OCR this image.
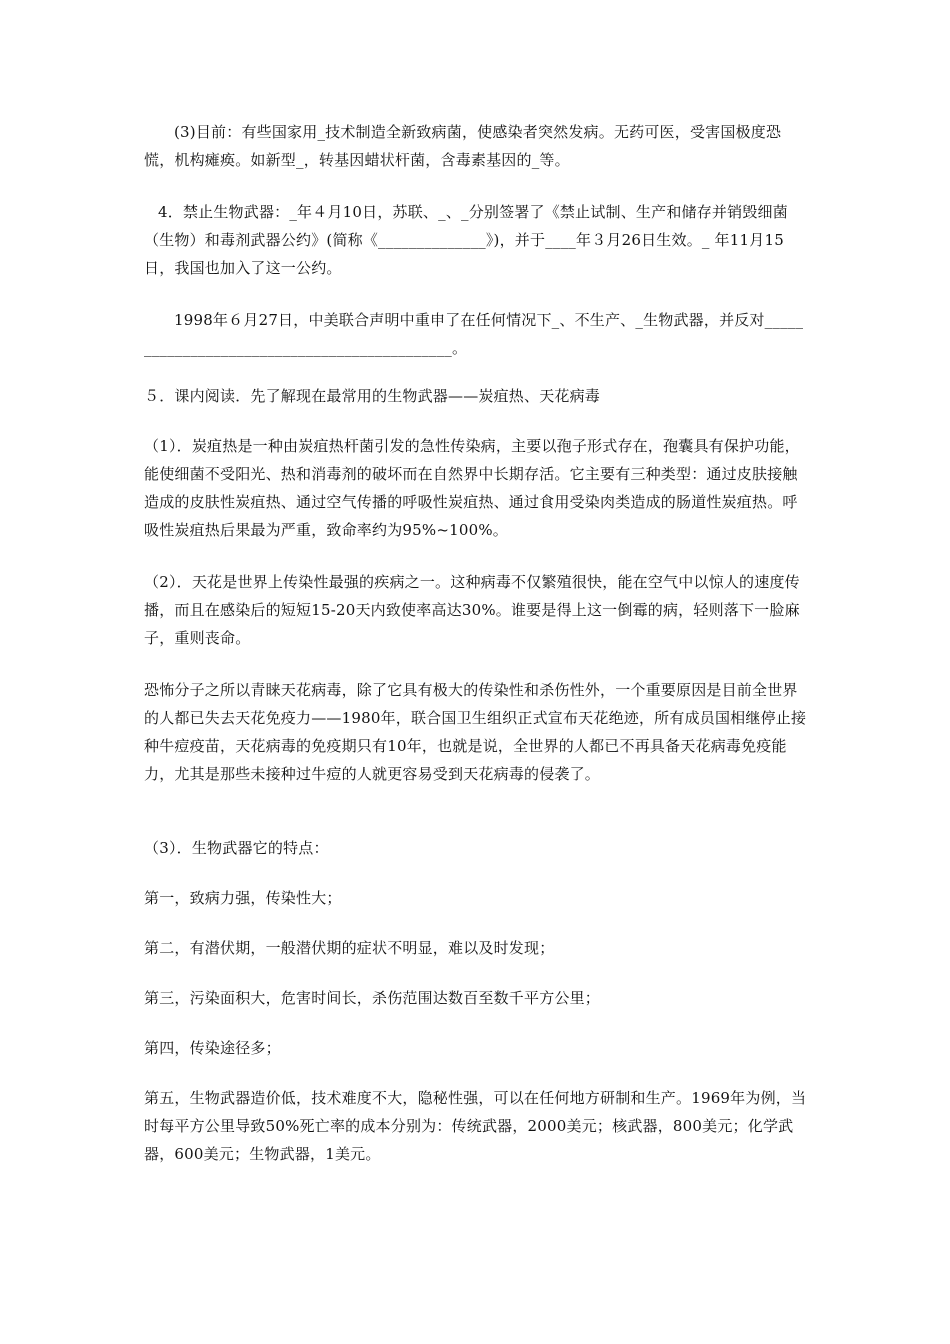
(3)目前：有些国家用_技术制造全新致病菌，使感染者突然发病。无药可医，受害国极度恐慌，机构瘫痪。如新型_，转基因蜡状杆菌，含毒素基因的_等。

4．禁止生物武器：_年４月10日，苏联、_、_分别签署了《禁止试制、生产和储存并销毁细菌（生物）和毒剂武器公约》(简称《______________》)，并于____年３月26日生效。_ 年11月15日，我国也加入了这一公约。

1998年６月27日，中美联合声明中重申了在任何情况下_、不生产、_生物武器，并反对_____________________________________________。

５．课内阅读．先了解现在最常用的生物武器——炭疽热、天花病毒

（1）．炭疽热是一种由炭疽热杆菌引发的急性传染病，主要以孢子形式存在，孢囊具有保护功能，能使细菌不受阳光、热和消毒剂的破坏而在自然界中长期存活。它主要有三种类型：通过皮肤接触造成的皮肤性炭疽热、通过空气传播的呼吸性炭疽热、通过食用受染肉类造成的肠道性炭疽热。呼吸性炭疽热后果最为严重，致命率约为95%~100%。

（2）．天花是世界上传染性最强的疾病之一。这种病毒不仅繁殖很快，能在空气中以惊人的速度传播，而且在感染后的短短15-20天内致使率高达30%。谁要是得上这一倒霉的病，轻则落下一脸麻子，重则丧命。

恐怖分子之所以青睐天花病毒，除了它具有极大的传染性和杀伤性外，一个重要原因是目前全世界的人都已失去天花免疫力——1980年，联合国卫生组织正式宣布天花绝迹，所有成员国相继停止接种牛痘疫苗，天花病毒的免疫期只有10年，也就是说，全世界的人都已不再具备天花病毒免疫能力，尤其是那些未接种过牛痘的人就更容易受到天花病毒的侵袭了。

（3）．生物武器它的特点：

第一，致病力强，传染性大；

第二，有潜伏期，一般潜伏期的症状不明显，难以及时发现；

第三，污染面积大，危害时间长，杀伤范围达数百至数千平方公里；

第四，传染途径多；

第五，生物武器造价低，技术难度不大，隐秘性强，可以在任何地方研制和生产。1969年为例，当时每平方公里导致50%死亡率的成本分别为：传统武器，2000美元；核武器，800美元；化学武器，600美元；生物武器，1美元。
